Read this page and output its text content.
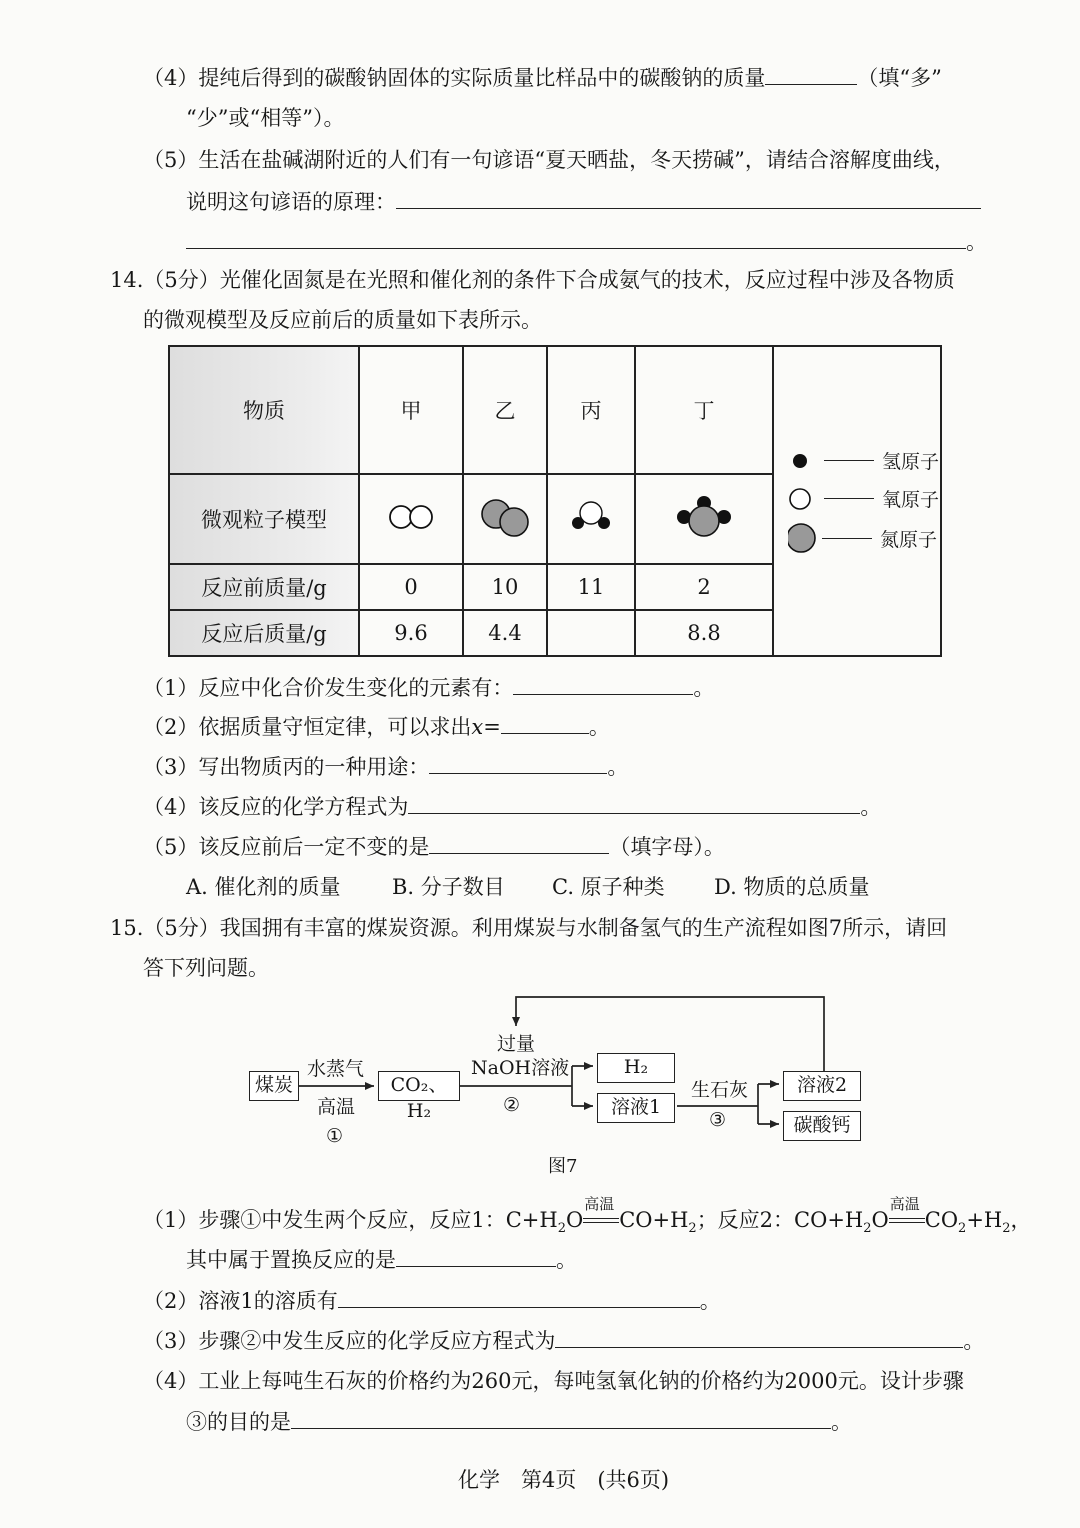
（4）提纯后得到的碳酸钠固体的实际质量比样品中的碳酸钠的质量	（填“多”
“少”或“相等”）。
（5）生活在盐碱湖附近的人们有一句谚语“夏天晒盐，冬天捞碱”，请结合溶解度曲线，
说明这句谚语的原理：
。
14.（5分）光催化固氮是在光照和催化剂的条件下合成氨气的技术，反应过程中涉及各物质
的微观模型及反应前后的质量如下表所示。
物质	甲	乙	丙	丁	氢原子
氧原子
氮原子

微观粒子模型				
反应前质量/g	0	10	11	2	
反应后质量/g	9.6	4.4		8.8	
（1）反应中化合价发生变化的元素有：	。
（2）依据质量守恒定律，可以求出x=	。
（3）写出物质丙的一种用途：	。
（4）该反应的化学方程式为	。
（5）该反应前后一定不变的是	（填字母）。
A. 催化剂的质量 B. 分子数目 C. 原子种类 D. 物质的总质量
15.（5分）我国拥有丰富的煤炭资源。利用煤炭与水制备氢气的生产流程如图7所示，请回
答下列问题。
煤炭	CO₂、H₂
H₂
溶液1
溶液2
碳酸钙
水蒸气
高温
①
过量
NaOH溶液
②
生石灰
③
图7
（1）步骤①中发生两个反应，反应1：$C+H_2O$
高温
$CO+H_2$；反应2：$CO+H_2O$
高温
$CO_2+H_2$，
其中属于置换反应的是	。
（2）溶液1的溶质有	。
（3）步骤②中发生反应的化学反应方程式为	。
（4）工业上每吨生石灰的价格约为260元，每吨氢氧化钠的价格约为2000元。设计步骤
③的目的是	。
化学　第4页　(共6页)
